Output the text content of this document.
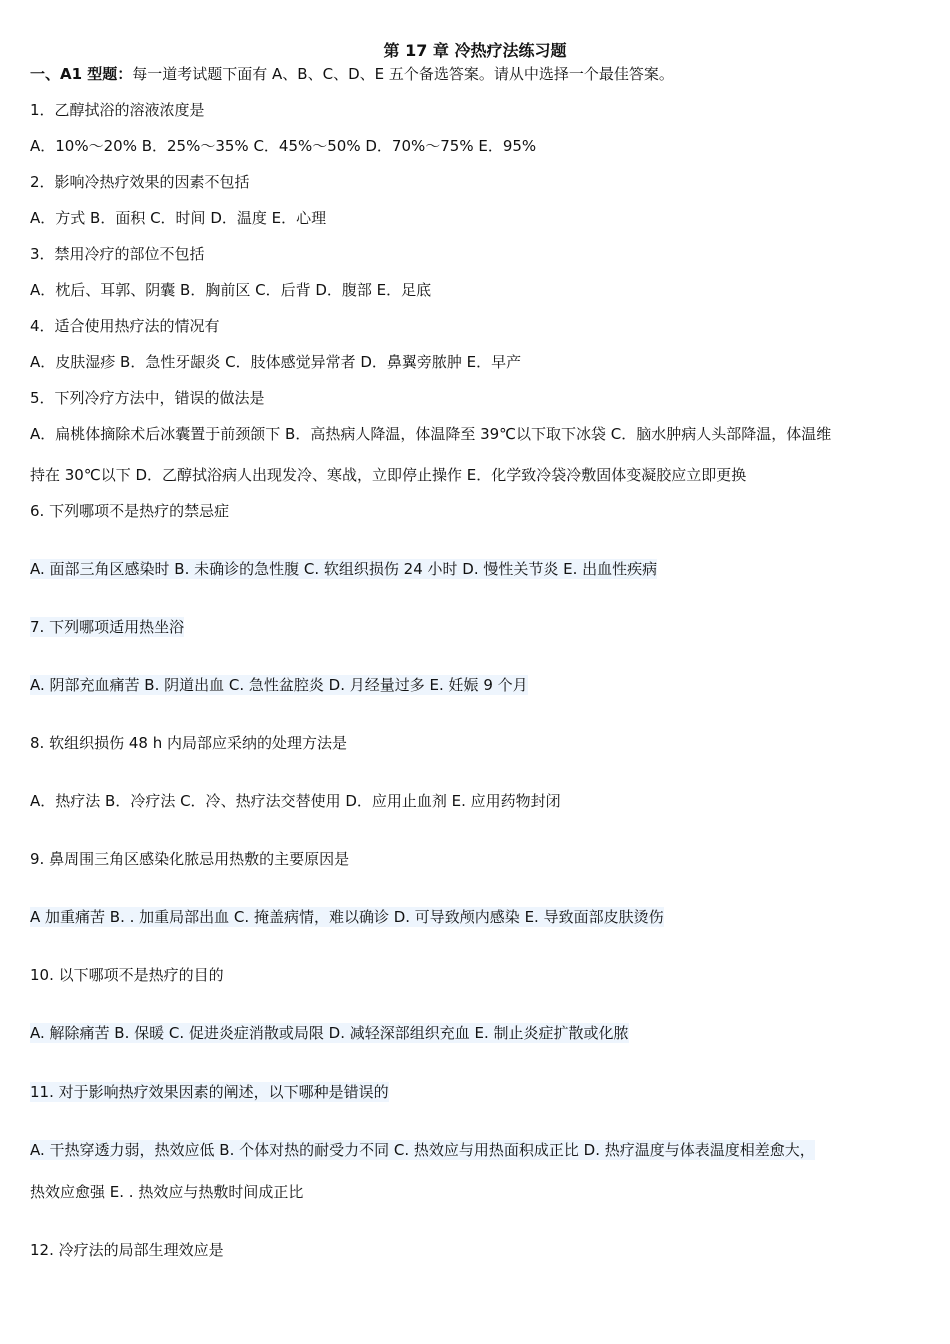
第 17 章 冷热疗法练习题
一、A1 型题：每一道考试题下面有 A、B、C、D、E 五个备选答案。请从中选择一个最佳答案。
1．乙醇拭浴的溶液浓度是
A．10%～20% B．25%～35% C．45%～50% D．70%～75% E．95%
2．影响冷热疗效果的因素不包括
A．方式 B．面积 C．时间 D．温度 E．心理
3．禁用冷疗的部位不包括
A．枕后、耳郭、阴囊 B．胸前区 C．后背 D．腹部 E．足底
4．适合使用热疗法的情况有
A．皮肤湿疹 B．急性牙龈炎 C．肢体感觉异常者 D．鼻翼旁脓肿 E．早产
5．下列冷疗方法中，错误的做法是
A．扁桃体摘除术后冰囊置于前颈颌下 B．高热病人降温，体温降至 39℃以下取下冰袋 C．脑水肿病人头部降温，体温维
持在 30℃以下 D．乙醇拭浴病人出现发冷、寒战，立即停止操作 E．化学致冷袋冷敷固体变凝胶应立即更换
6. 下列哪项不是热疗的禁忌症
A. 面部三角区感染时 B. 未确诊的急性腹 C. 软组织损伤 24 小时 D. 慢性关节炎 E. 出血性疾病
7. 下列哪项适用热坐浴
A. 阴部充血痛苦 B. 阴道出血 C. 急性盆腔炎 D. 月经量过多 E. 妊娠 9 个月
8. 软组织损伤 48 h 内局部应采纳的处理方法是
A．热疗法 B．冷疗法 C．冷、热疗法交替使用 D．应用止血剂 E. 应用药物封闭
9. 鼻周围三角区感染化脓忌用热敷的主要原因是
A 加重痛苦 B. . 加重局部出血 C. 掩盖病情，难以确诊 D. 可导致颅内感染 E. 导致面部皮肤烫伤
10. 以下哪项不是热疗的目的
A. 解除痛苦 B. 保暖 C. 促进炎症消散或局限 D. 减轻深部组织充血 E. 制止炎症扩散或化脓
11. 对于影响热疗效果因素的阐述，以下哪种是错误的
A. 干热穿透力弱，热效应低 B. 个体对热的耐受力不同 C. 热效应与用热面积成正比 D. 热疗温度与体表温度相差愈大，
热效应愈强 E. . 热效应与热敷时间成正比
12. 冷疗法的局部生理效应是
